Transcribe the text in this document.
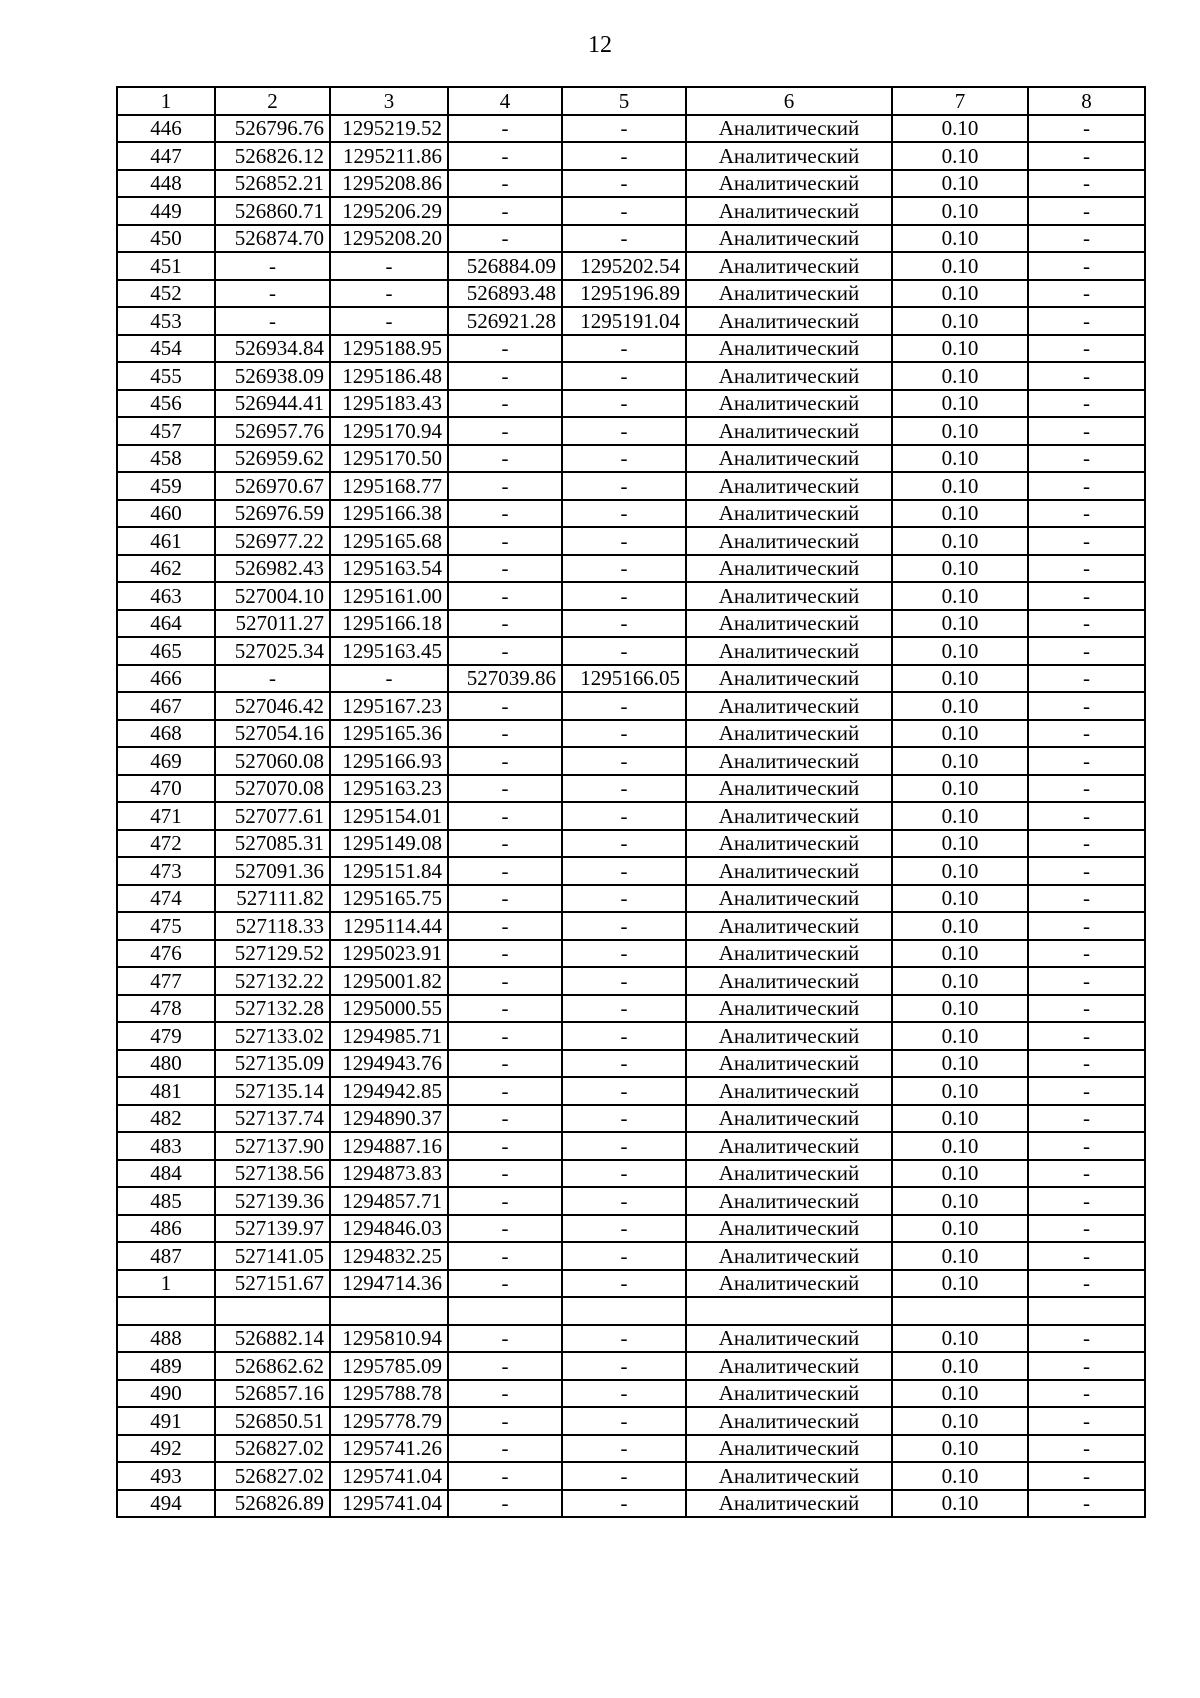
12
1	2	3	4	5	6	7	8
446	526796.76	1295219.52	-	-	Аналитический	0.10	-
447	526826.12	1295211.86	-	-	Аналитический	0.10	-
448	526852.21	1295208.86	-	-	Аналитический	0.10	-
449	526860.71	1295206.29	-	-	Аналитический	0.10	-
450	526874.70	1295208.20	-	-	Аналитический	0.10	-
451	-	-	526884.09	1295202.54	Аналитический	0.10	-
452	-	-	526893.48	1295196.89	Аналитический	0.10	-
453	-	-	526921.28	1295191.04	Аналитический	0.10	-
454	526934.84	1295188.95	-	-	Аналитический	0.10	-
455	526938.09	1295186.48	-	-	Аналитический	0.10	-
456	526944.41	1295183.43	-	-	Аналитический	0.10	-
457	526957.76	1295170.94	-	-	Аналитический	0.10	-
458	526959.62	1295170.50	-	-	Аналитический	0.10	-
459	526970.67	1295168.77	-	-	Аналитический	0.10	-
460	526976.59	1295166.38	-	-	Аналитический	0.10	-
461	526977.22	1295165.68	-	-	Аналитический	0.10	-
462	526982.43	1295163.54	-	-	Аналитический	0.10	-
463	527004.10	1295161.00	-	-	Аналитический	0.10	-
464	527011.27	1295166.18	-	-	Аналитический	0.10	-
465	527025.34	1295163.45	-	-	Аналитический	0.10	-
466	-	-	527039.86	1295166.05	Аналитический	0.10	-
467	527046.42	1295167.23	-	-	Аналитический	0.10	-
468	527054.16	1295165.36	-	-	Аналитический	0.10	-
469	527060.08	1295166.93	-	-	Аналитический	0.10	-
470	527070.08	1295163.23	-	-	Аналитический	0.10	-
471	527077.61	1295154.01	-	-	Аналитический	0.10	-
472	527085.31	1295149.08	-	-	Аналитический	0.10	-
473	527091.36	1295151.84	-	-	Аналитический	0.10	-
474	527111.82	1295165.75	-	-	Аналитический	0.10	-
475	527118.33	1295114.44	-	-	Аналитический	0.10	-
476	527129.52	1295023.91	-	-	Аналитический	0.10	-
477	527132.22	1295001.82	-	-	Аналитический	0.10	-
478	527132.28	1295000.55	-	-	Аналитический	0.10	-
479	527133.02	1294985.71	-	-	Аналитический	0.10	-
480	527135.09	1294943.76	-	-	Аналитический	0.10	-
481	527135.14	1294942.85	-	-	Аналитический	0.10	-
482	527137.74	1294890.37	-	-	Аналитический	0.10	-
483	527137.90	1294887.16	-	-	Аналитический	0.10	-
484	527138.56	1294873.83	-	-	Аналитический	0.10	-
485	527139.36	1294857.71	-	-	Аналитический	0.10	-
486	527139.97	1294846.03	-	-	Аналитический	0.10	-
487	527141.05	1294832.25	-	-	Аналитический	0.10	-
1	527151.67	1294714.36	-	-	Аналитический	0.10	-

488	526882.14	1295810.94	-	-	Аналитический	0.10	-
489	526862.62	1295785.09	-	-	Аналитический	0.10	-
490	526857.16	1295788.78	-	-	Аналитический	0.10	-
491	526850.51	1295778.79	-	-	Аналитический	0.10	-
492	526827.02	1295741.26	-	-	Аналитический	0.10	-
493	526827.02	1295741.04	-	-	Аналитический	0.10	-
494	526826.89	1295741.04	-	-	Аналитический	0.10	-
